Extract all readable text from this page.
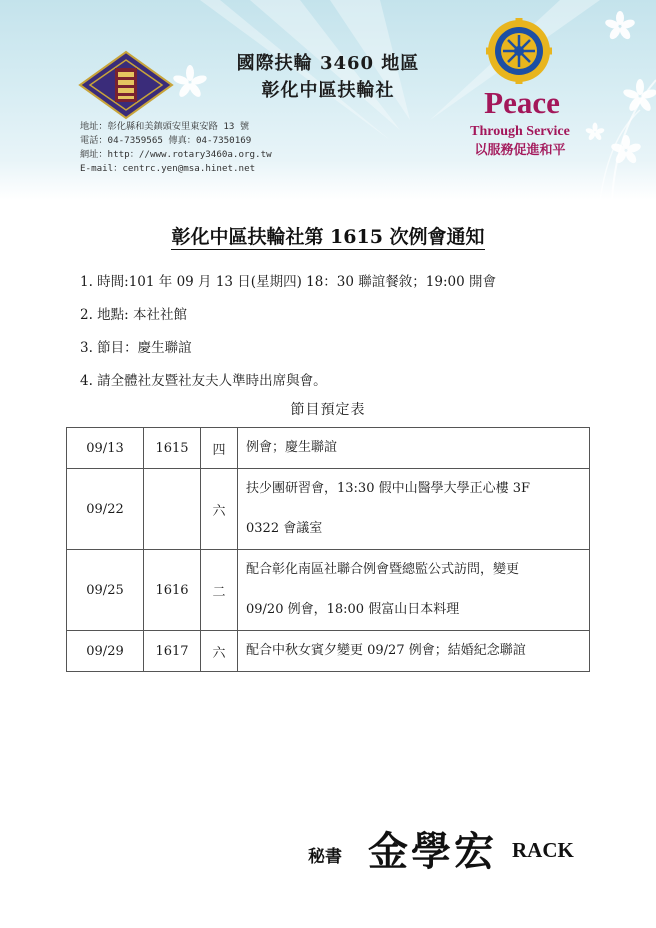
國際扶輪 3460 地區
彰化中區扶輪社
地址：彰化縣和美鎮頭安里東安路 13 號
電話：04-7359565 傳真：04-7350169
網址：http：//www.rotary3460a.org.tw
E-mail：centrc.yen@msa.hinet.net
Peace
Through Service
以服務促進和平
彰化中區扶輪社第 1615 次例會通知
1. 時間:101 年 09 月 13 日(星期四) 18：30 聯誼餐敘；19:00 開會
2. 地點: 本社社館
3. 節目：慶生聯誼
4. 請全體社友暨社友夫人準時出席與會。
節目預定表
09/13	1615	四	例會；慶生聯誼

09/22		六	扶少團研習會，13:30 假中山醫學大學正心樓 3F
0322 會議室

09/25	1616	二	配合彰化南區社聯合例會暨總監公式訪問，變更
09/20 例會，18:00 假富山日本料理

09/29	1617	六	配合中秋女賓夕變更 09/27 例會；結婚紀念聯誼
秘書 金學宏 RACK
